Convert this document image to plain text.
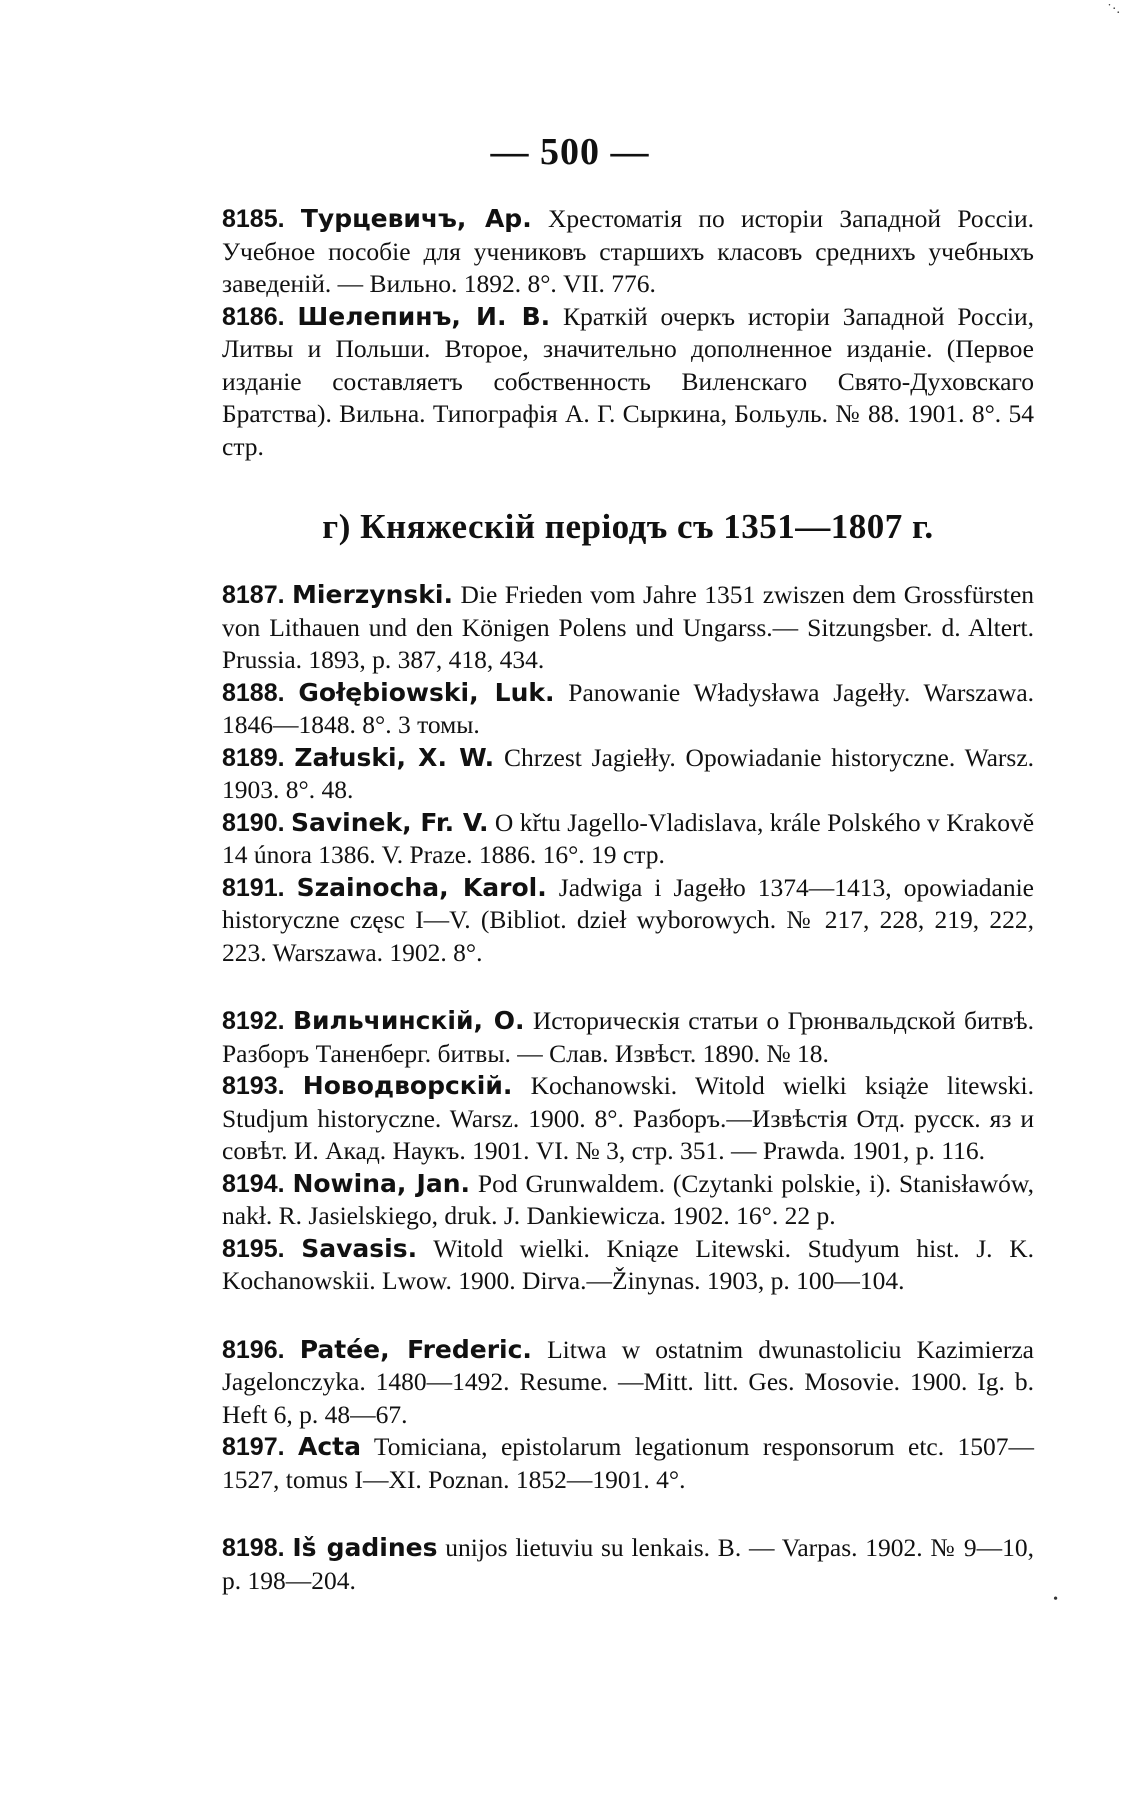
— 500 —

8185. Турцевичъ, Ар. Хрестоматія по исторіи Западной Россіи. Учебное пособіе для учениковъ старшихъ класовъ среднихъ учебныхъ заведеній. — Вильно. 1892. 8°. VII. 776.

8186. Шелепинъ, И. В. Краткій очеркъ исторіи Западной Россіи, Литвы и Польши. Второе, значительно дополненное изданіе. (Первое изданіе составляетъ собственность Виленскаго Свято-Духовскаго Братства). Вильна. Типографія А. Г. Сыркина, Больуль. № 88. 1901. 8°. 54 стр.

г) Княжескій періодъ съ 1351—1807 г.

8187. Mierzynski. Die Frieden vom Jahre 1351 zwiszen dem Grossfürsten von Lithauen und den Königen Polens und Ungarss.— Sitzungsber. d. Altert. Prussia. 1893, p. 387, 418, 434.

8188. Gołębiowski, Luk. Panowanie Władysława Jagełły. Warszawa. 1846—1848. 8°. 3 томы.

8189. Załuski, X. W. Chrzest Jagiełły. Opowiadanie historyczne. Warsz. 1903. 8°. 48.

8190. Savinek, Fr. V. O křtu Jagello-Vladislava, krále Polského v Krakově 14 února 1386. V. Praze. 1886. 16°. 19 стр.

8191. Szainocha, Karol. Jadwiga i Jagełło 1374—1413, opowiadanie historyczne częsc I—V. (Bibliot. dzieł wyborowych. № 217, 228, 219, 222, 223. Warszawa. 1902. 8°.

8192. Вильчинскій, О. Историческія статьи о Грюнвальдской битвѣ. Разборъ Таненберг. битвы. — Слав. Извѣст. 1890. № 18.

8193. Новодворскій. Kochanowski. Witold wielki książe litewski. Studjum historyczne. Warsz. 1900. 8°. Разборъ.—Извѣстія Отд. русск. яз и совѣт. И. Акад. Наукъ. 1901. VI. № 3, стр. 351. — Prawda. 1901, p. 116.

8194. Nowina, Jan. Pod Grunwaldem. (Czytanki polskie, i). Stanisławów, nakł. R. Jasielskiego, druk. J. Dankiewicza. 1902. 16°. 22 p.

8195. Savasis. Witold wielki. Kniąze Litewski. Studyum hist. J. K. Kochanowskii. Lwow. 1900. Dirva.—Žinynas. 1903, p. 100—104.

8196. Patée, Frederic. Litwa w ostatnim dwunastoliciu Kazimierza Jagelonczyka. 1480—1492. Resume. —Mitt. litt. Ges. Mosovie. 1900. Ig. b. Heft 6, p. 48—67.

8197. Acta Tomiciana, epistolarum legationum responsorum etc. 1507—1527, tomus I—XI. Poznan. 1852—1901. 4°.

8198. Iš gadines unijos lietuviu su lenkais. B. — Varpas. 1902. № 9—10, p. 198—204.

˙·.
•
